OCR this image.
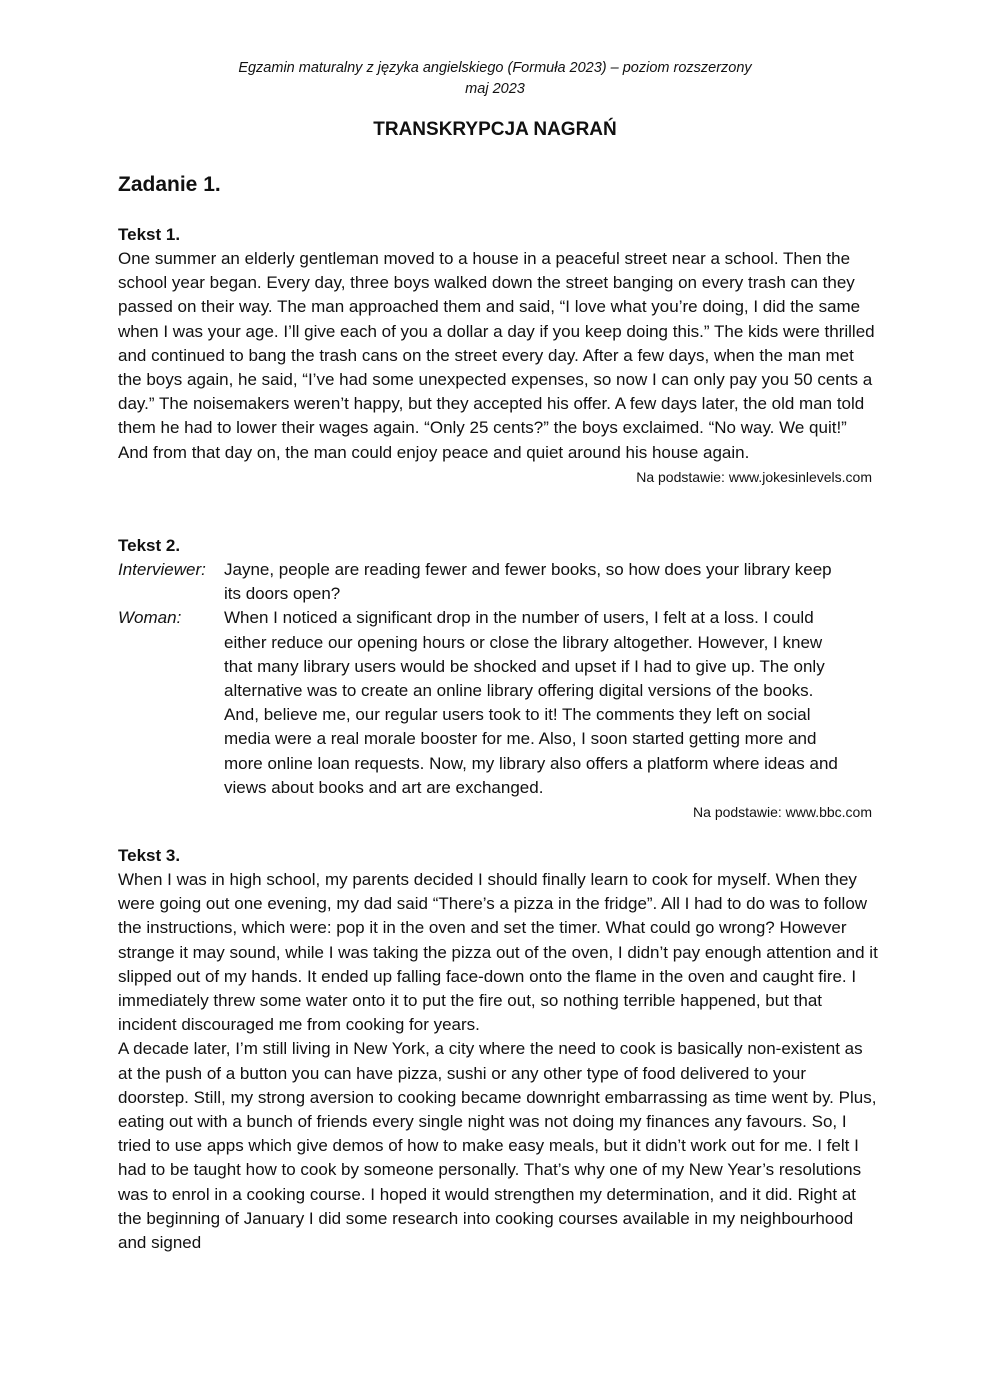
Egzamin maturalny z języka angielskiego (Formuła 2023) – poziom rozszerzony
maj 2023
TRANSKRYPCJA NAGRAŃ
Zadanie 1.

Tekst 1.

One summer an elderly gentleman moved to a house in a peaceful street near a school. Then the school year began. Every day, three boys walked down the street banging on every trash can they passed on their way. The man approached them and said, “I love what you’re doing, I did the same when I was your age. I’ll give each of you a dollar a day if you keep doing this.” The kids were thrilled and continued to bang the trash cans on the street every day. After a few days, when the man met the boys again, he said, “I’ve had some unexpected expenses, so now I can only pay you 50 cents a day.” The noisemakers weren’t happy, but they accepted his offer. A few days later, the old man told them he had to lower their wages again. “Only 25 cents?” the boys exclaimed. “No way. We quit!” And from that day on, the man could enjoy peace and quiet around his house again.

Na podstawie: www.jokesinlevels.com

Tekst 2.

Interviewer:	Jayne, people are reading fewer and fewer books, so how does your library keep its doors open?
Woman:	When I noticed a significant drop in the number of users, I felt at a loss. I could either reduce our opening hours or close the library altogether. However, I knew that many library users would be shocked and upset if I had to give up. The only alternative was to create an online library offering digital versions of the books. And, believe me, our regular users took to it! The comments they left on social media were a real morale booster for me. Also, I soon started getting more and more online loan requests. Now, my library also offers a platform where ideas and views about books and art are exchanged.
Na podstawie: www.bbc.com

Tekst 3.

When I was in high school, my parents decided I should finally learn to cook for myself. When they were going out one evening, my dad said “There’s a pizza in the fridge”. All I had to do was to follow the instructions, which were: pop it in the oven and set the timer. What could go wrong? However strange it may sound, while I was taking the pizza out of the oven, I didn’t pay enough attention and it slipped out of my hands. It ended up falling face-down onto the flame in the oven and caught fire. I immediately threw some water onto it to put the fire out, so nothing terrible happened, but that incident discouraged me from cooking for years.

A decade later, I’m still living in New York, a city where the need to cook is basically non-existent as at the push of a button you can have pizza, sushi or any other type of food delivered to your doorstep. Still, my strong aversion to cooking became downright embarrassing as time went by. Plus, eating out with a bunch of friends every single night was not doing my finances any favours. So, I tried to use apps which give demos of how to make easy meals, but it didn’t work out for me. I felt I had to be taught how to cook by someone personally. That’s why one of my New Year’s resolutions was to enrol in a cooking course. I hoped it would strengthen my determination, and it did. Right at the beginning of January I did some research into cooking courses available in my neighbourhood and signed
